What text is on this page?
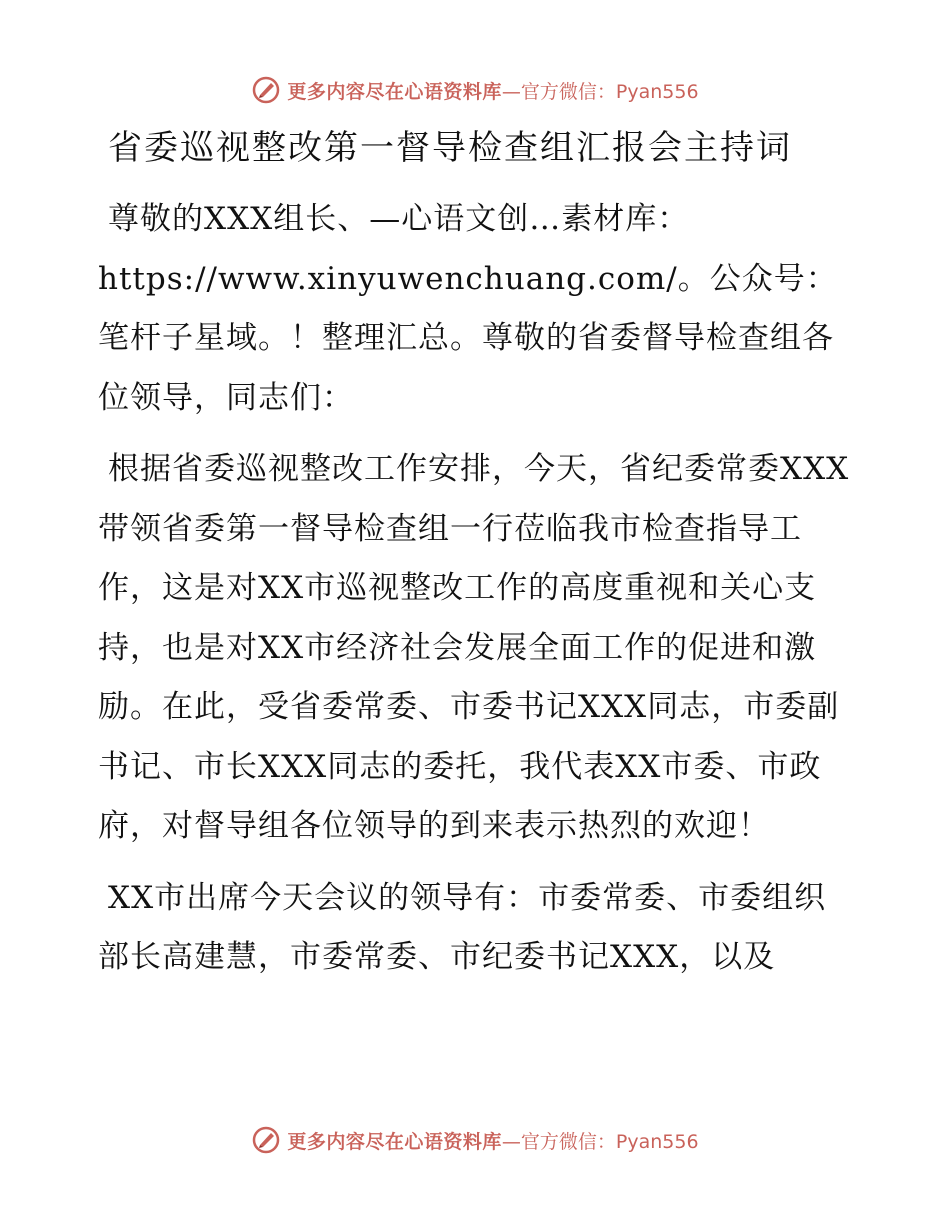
更多内容尽在心语资料库 —官方微信：Pyan556
省委巡视整改第一督导检查组汇报会主持词

尊敬的XXX组长、—心语文创…素材库：https://www.xinyuwenchuang.com/。公众号：笔杆子星域。！整理汇总。尊敬的省委督导检查组各位领导，同志们：

根据省委巡视整改工作安排，今天，省纪委常委XXX带领省委第一督导检查组一行莅临我市检查指导工作，这是对XX市巡视整改工作的高度重视和关心支持，也是对XX市经济社会发展全面工作的促进和激励。在此，受省委常委、市委书记XXX同志，市委副书记、市长XXX同志的委托，我代表XX市委、市政府，对督导组各位领导的到来表示热烈的欢迎！

XX市出席今天会议的领导有：市委常委、市委组织部长高建慧，市委常委、市纪委书记XXX，以及

更多内容尽在心语资料库 —官方微信：Pyan556
